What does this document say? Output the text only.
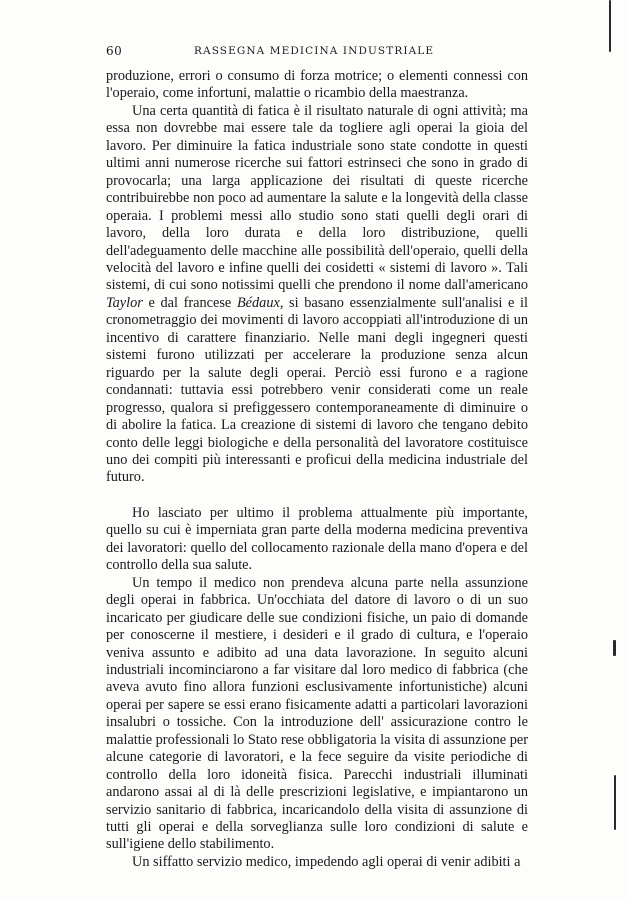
60	RASSEGNA MEDICINA INDUSTRIALE

produzione, errori o consumo di forza motrice; o elementi connessi con l'operaio, come infortuni, malattie o ricambio della maestranza.

Una certa quantità di fatica è il risultato naturale di ogni attività; ma essa non dovrebbe mai essere tale da togliere agli operai la gioia del lavoro. Per diminuire la fatica industriale sono state condotte in questi ultimi anni numerose ricerche sui fattori estrinseci che sono in grado di provocarla; una larga applicazione dei risultati di queste ricerche contribuirebbe non poco ad aumentare la salute e la longevità della classe operaia. I problemi messi allo studio sono stati quelli degli orari di lavoro, della loro durata e della loro distribuzione, quelli dell'adeguamento delle macchine alle possibilità dell'operaio, quelli della velocità del lavoro e infine quelli dei cosidetti « sistemi di lavoro ». Tali sistemi, di cui sono notissimi quelli che prendono il nome dall'americano Taylor e dal francese Bédaux, si basano essenzialmente sull'analisi e il cronometraggio dei movimenti di lavoro accoppiati all'introduzione di un incentivo di carattere finanziario. Nelle mani degli ingegneri questi sistemi furono utilizzati per accelerare la produzione senza alcun riguardo per la salute degli operai. Perciò essi furono e a ragione condannati: tuttavia essi potrebbero venir considerati come un reale progresso, qualora si prefiggessero contemporaneamente di diminuire o di abolire la fatica. La creazione di sistemi di lavoro che tengano debito conto delle leggi biologiche e della personalità del lavoratore costituisce uno dei compiti più interessanti e proficui della medicina industriale del futuro.

Ho lasciato per ultimo il problema attualmente più importante, quello su cui è imperniata gran parte della moderna medicina preventiva dei lavoratori: quello del collocamento razionale della mano d'opera e del controllo della sua salute.

Un tempo il medico non prendeva alcuna parte nella assunzione degli operai in fabbrica. Un'occhiata del datore di lavoro o di un suo incaricato per giudicare delle sue condizioni fisiche, un paio di domande per conoscerne il mestiere, i desideri e il grado di cultura, e l'operaio veniva assunto e adibito ad una data lavorazione. In seguito alcuni industriali incominciarono a far visitare dal loro medico di fabbrica (che aveva avuto fino allora funzioni esclusivamente infortunistiche) alcuni operai per sapere se essi erano fisicamente adatti a particolari lavorazioni insalubri o tossiche. Con la introduzione dell' assicurazione contro le malattie professionali lo Stato rese obbligatoria la visita di assunzione per alcune categorie di lavoratori, e la fece seguire da visite periodiche di controllo della loro idoneità fisica. Parecchi industriali illuminati andarono assai al di là delle prescrizioni legislative, e impiantarono un servizio sanitario di fabbrica, incaricandolo della visita di assunzione di tutti gli operai e della sorveglianza sulle loro condizioni di salute e sull'igiene dello stabilimento.

Un siffatto servizio medico, impedendo agli operai di venir adibiti a
